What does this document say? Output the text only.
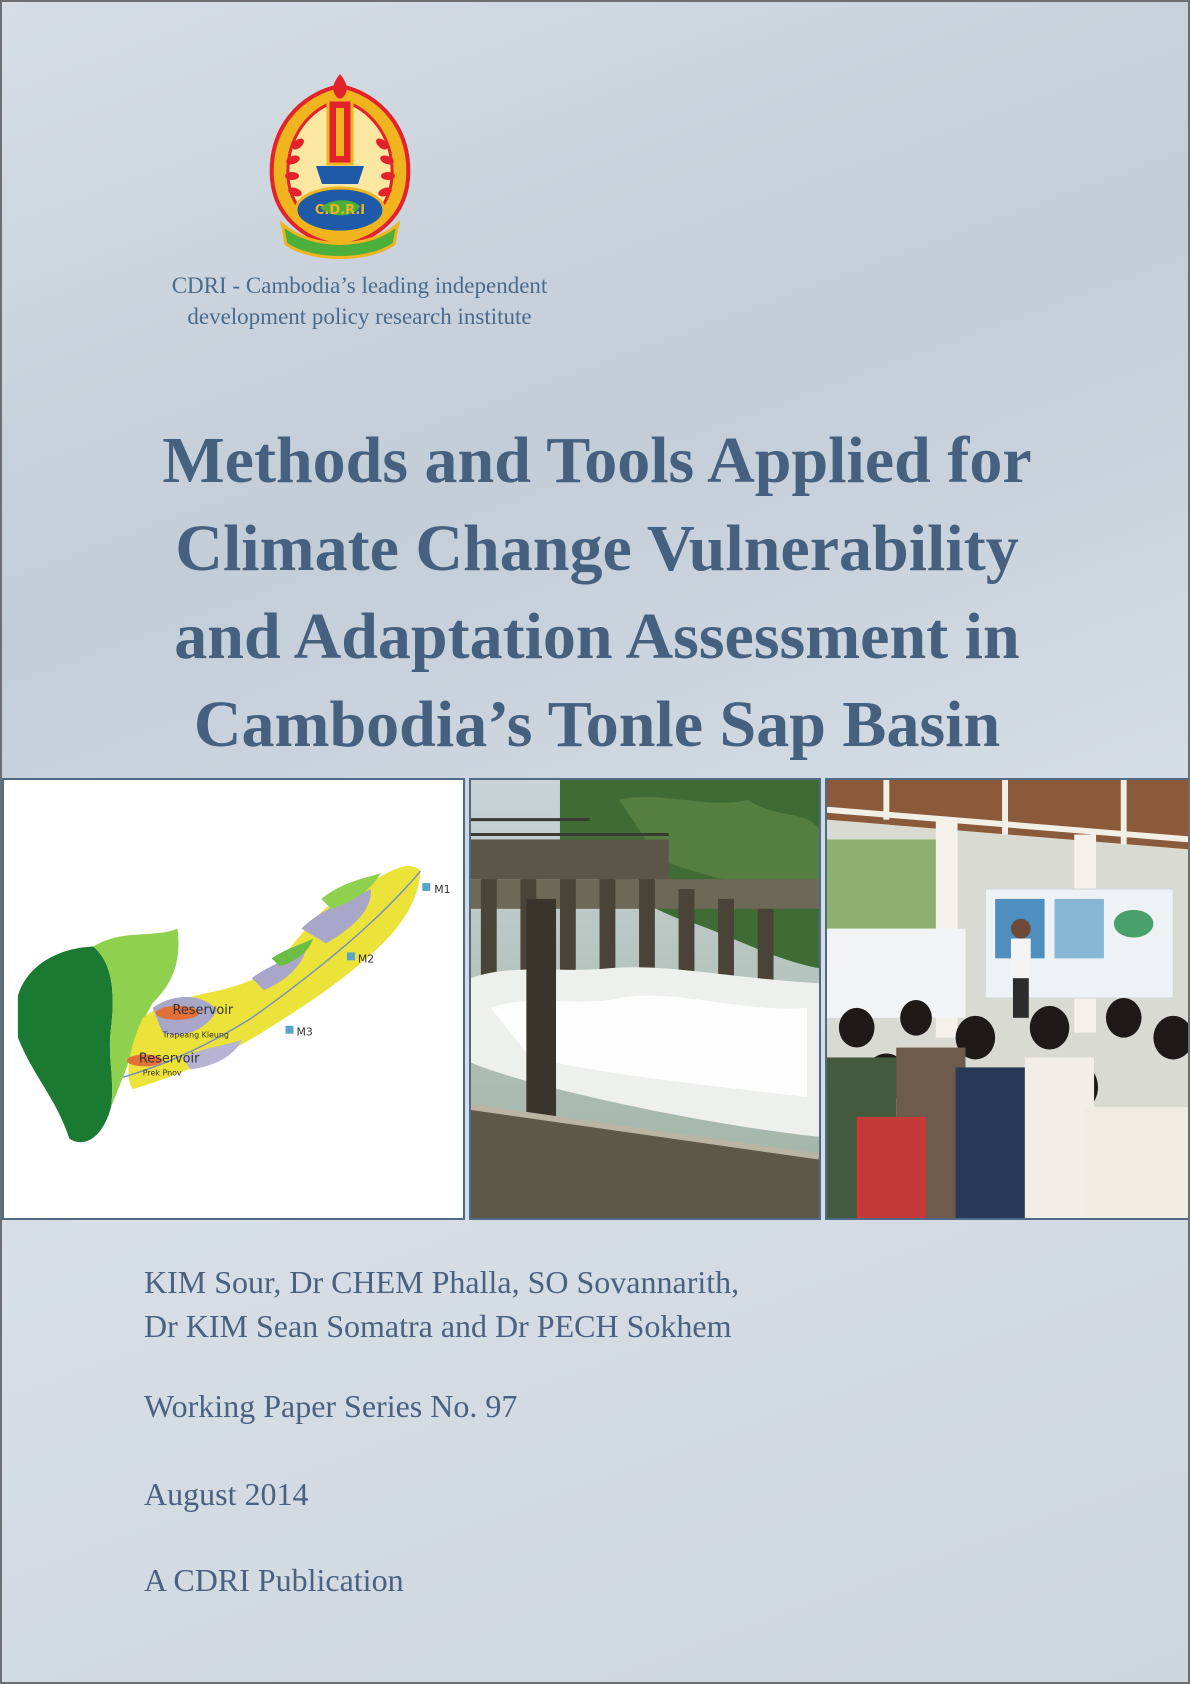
C.D.R.I
CDRI - Cambodia’s leading independent
development policy research institute
Methods and Tools Applied for
Climate Change Vulnerability
and Adaptation Assessment in
Cambodia’s Tonle Sap Basin
M1
M2
M3
Reservoir
Trapeang Kleung
Reservoir
Prek Pnov
KIM Sour, Dr CHEM Phalla, SO Sovannarith,
Dr KIM Sean Somatra and Dr PECH Sokhem
Working Paper Series No. 97
August 2014
A CDRI Publication
